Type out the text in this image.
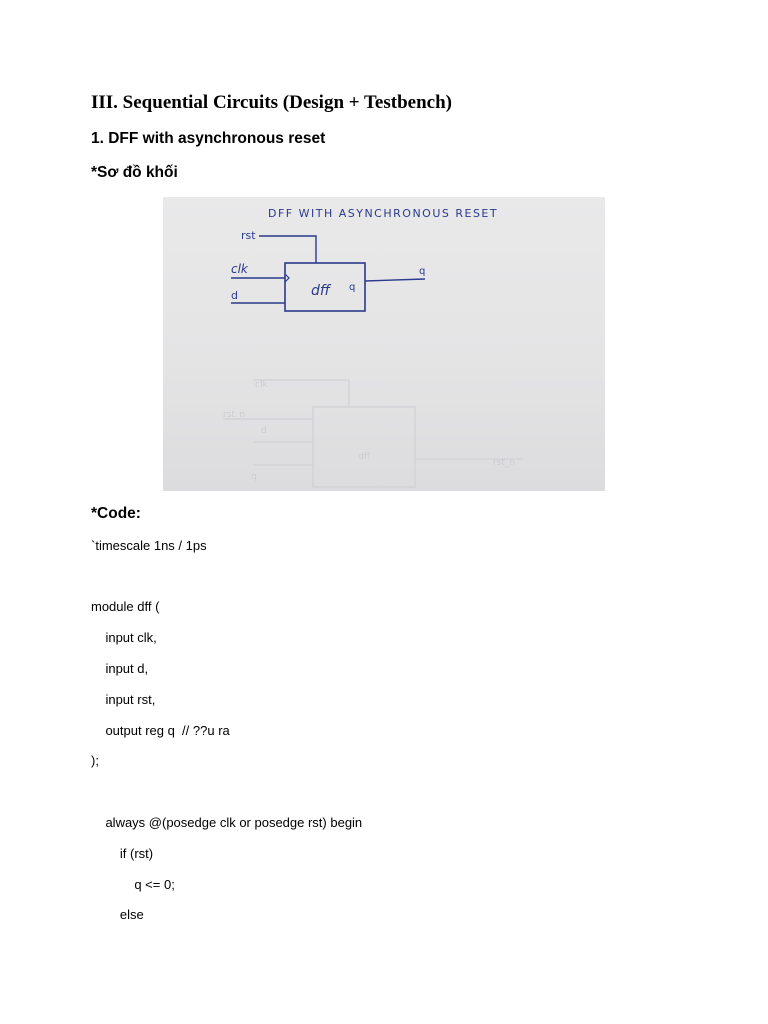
III. Sequential Circuits (Design + Testbench)
1. DFF with asynchronous reset
*Sơ đồ khối
clk
rst_n
d
dff
q
rst_n
DFF WITH ASYNCHRONOUS RESET
dff q
rst
clk
d
q
*Code:

`timescale 1ns / 1ps

module dff (

input clk,

input d,

input rst,

output reg q  // ??u ra

);

always @(posedge clk or posedge rst) begin

if (rst)

q <= 0;

else
